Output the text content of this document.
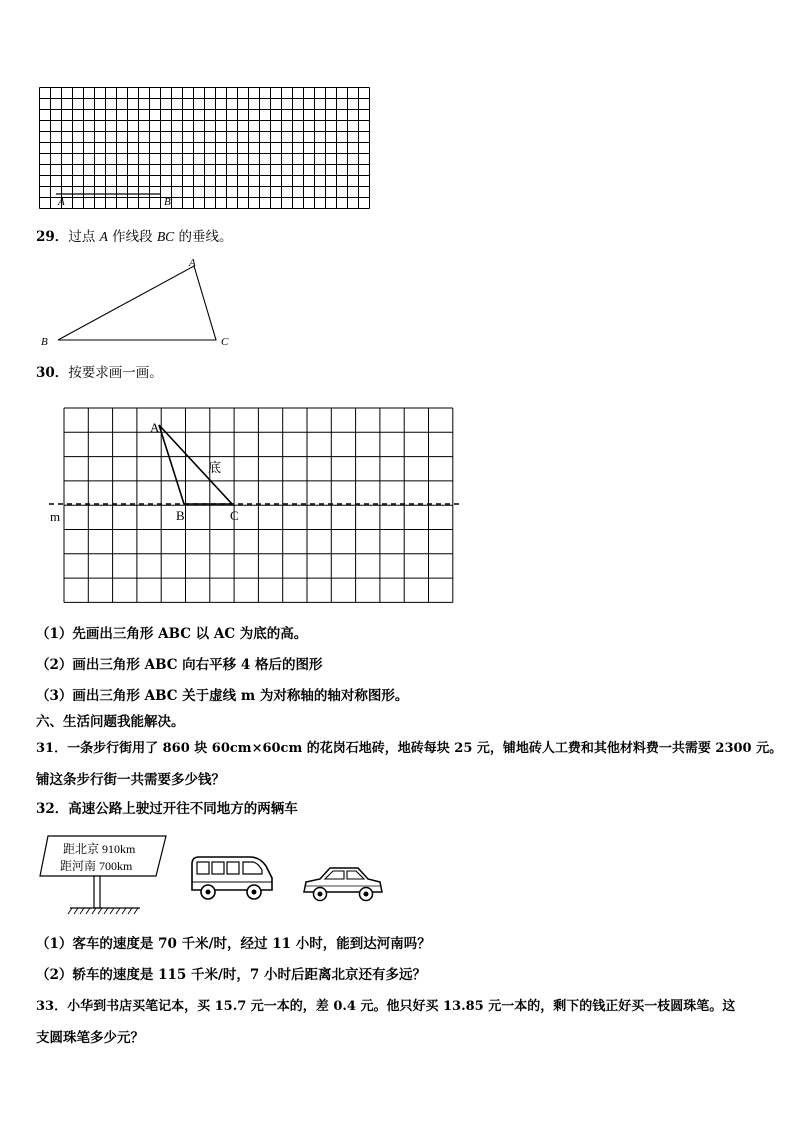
A	B
29．过点 A 作线段 BC 的垂线。
A
B	C
30．按要求画一画。
A
B	C
底
m
（1）先画出三角形 ABC 以 AC 为底的高。
（2）画出三角形 ABC 向右平移 4 格后的图形
（3）画出三角形 ABC 关于虚线 m 为对称轴的轴对称图形。
六、生活问题我能解决。
31．一条步行街用了 860 块 60cm×60cm 的花岗石地砖，地砖每块 25 元，铺地砖人工费和其他材料费一共需要 2300 元。
铺这条步行街一共需要多少钱？
32．高速公路上驶过开往不同地方的两辆车
距北京 910km
距河南 700km
（1）客车的速度是 70 千米/时，经过 11 小时，能到达河南吗？
（2）轿车的速度是 115 千米/时，7 小时后距离北京还有多远？
33．小华到书店买笔记本，买 15.7 元一本的，差 0.4 元。他只好买 13.85 元一本的，剩下的钱正好买一枝圆珠笔。这
支圆珠笔多少元？
